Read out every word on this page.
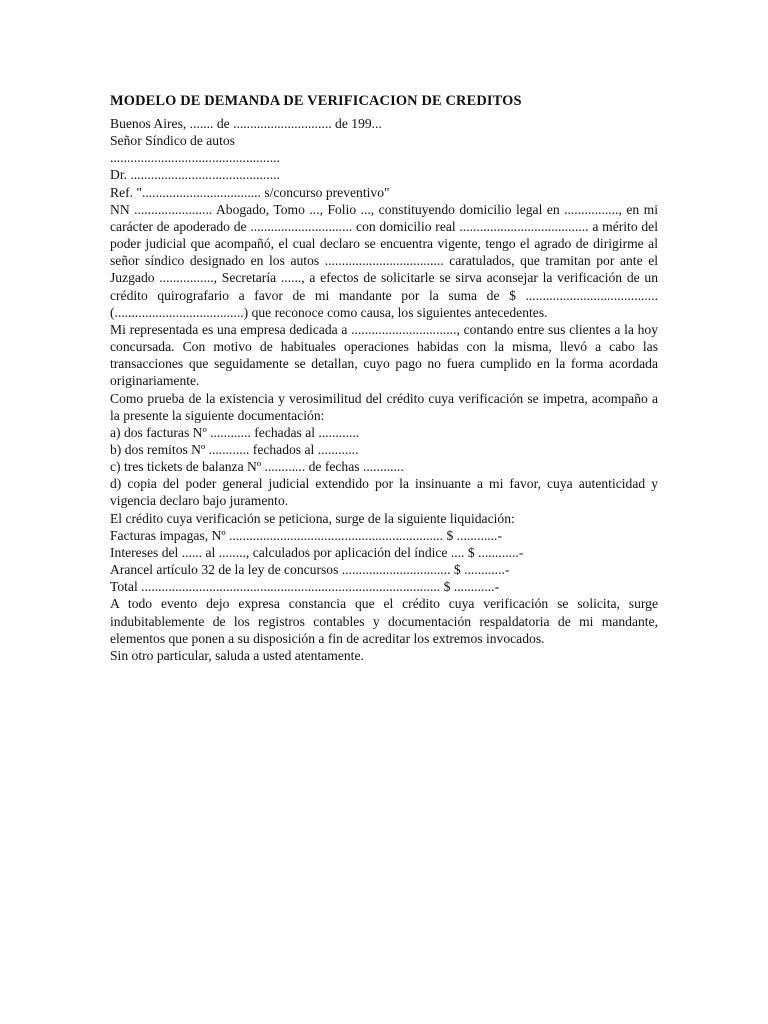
MODELO DE DEMANDA DE VERIFICACION DE CREDITOS
Buenos Aires, ....... de ............................. de 199...
Señor Síndico de autos
..................................................
Dr. ............................................
Ref. "................................... s/concurso preventivo"
NN ....................... Abogado, Tomo ..., Folio ..., constituyendo domicilio legal en ................, en mi carácter de apoderado de .............................. con domicilio real ...................................... a mérito del poder judicial que acompañó, el cual declaro se encuentra vigente, tengo el agrado de dirigirme al señor síndico designado en los autos ................................... caratulados, que tramitan por ante el Juzgado ................, Secretaría ......, a efectos de solicitarle se sirva aconsejar la verificación de un crédito quirografario a favor de mi mandante por la suma de $ ....................................... (......................................) que reconoce como causa, los siguientes antecedentes.
Mi representada es una empresa dedicada a ..............................., contando entre sus clientes a la hoy concursada. Con motivo de habituales operaciones habidas con la misma, llevó a cabo las transacciones que seguidamente se detallan, cuyo pago no fuera cumplido en la forma acordada originariamente.
Como prueba de la existencia y verosimilitud del crédito cuya verificación se impetra, acompaño a la presente la siguiente documentación:
a) dos facturas Nº ............ fechadas al ............
b) dos remitos Nº ............ fechados al ............
c) tres tickets de balanza Nº ............ de fechas ............
d) copia del poder general judicial extendido por la insinuante a mi favor, cuya autenticidad y vigencia declaro bajo juramento.
El crédito cuya verificación se peticiona, surge de la siguiente liquidación:
Facturas impagas, Nº ............................................................... $ ............-
Intereses del ...... al ........, calculados por aplicación del índice .... $ ............-
Arancel artículo 32 de la ley de concursos ................................ $ ............-
Total ........................................................................................ $ ............-
A todo evento dejo expresa constancia que el crédito cuya verificación se solicita, surge indubitablemente de los registros contables y documentación respaldatoria de mi mandante, elementos que ponen a su disposición a fin de acreditar los extremos invocados.
Sin otro particular, saluda a usted atentamente.
